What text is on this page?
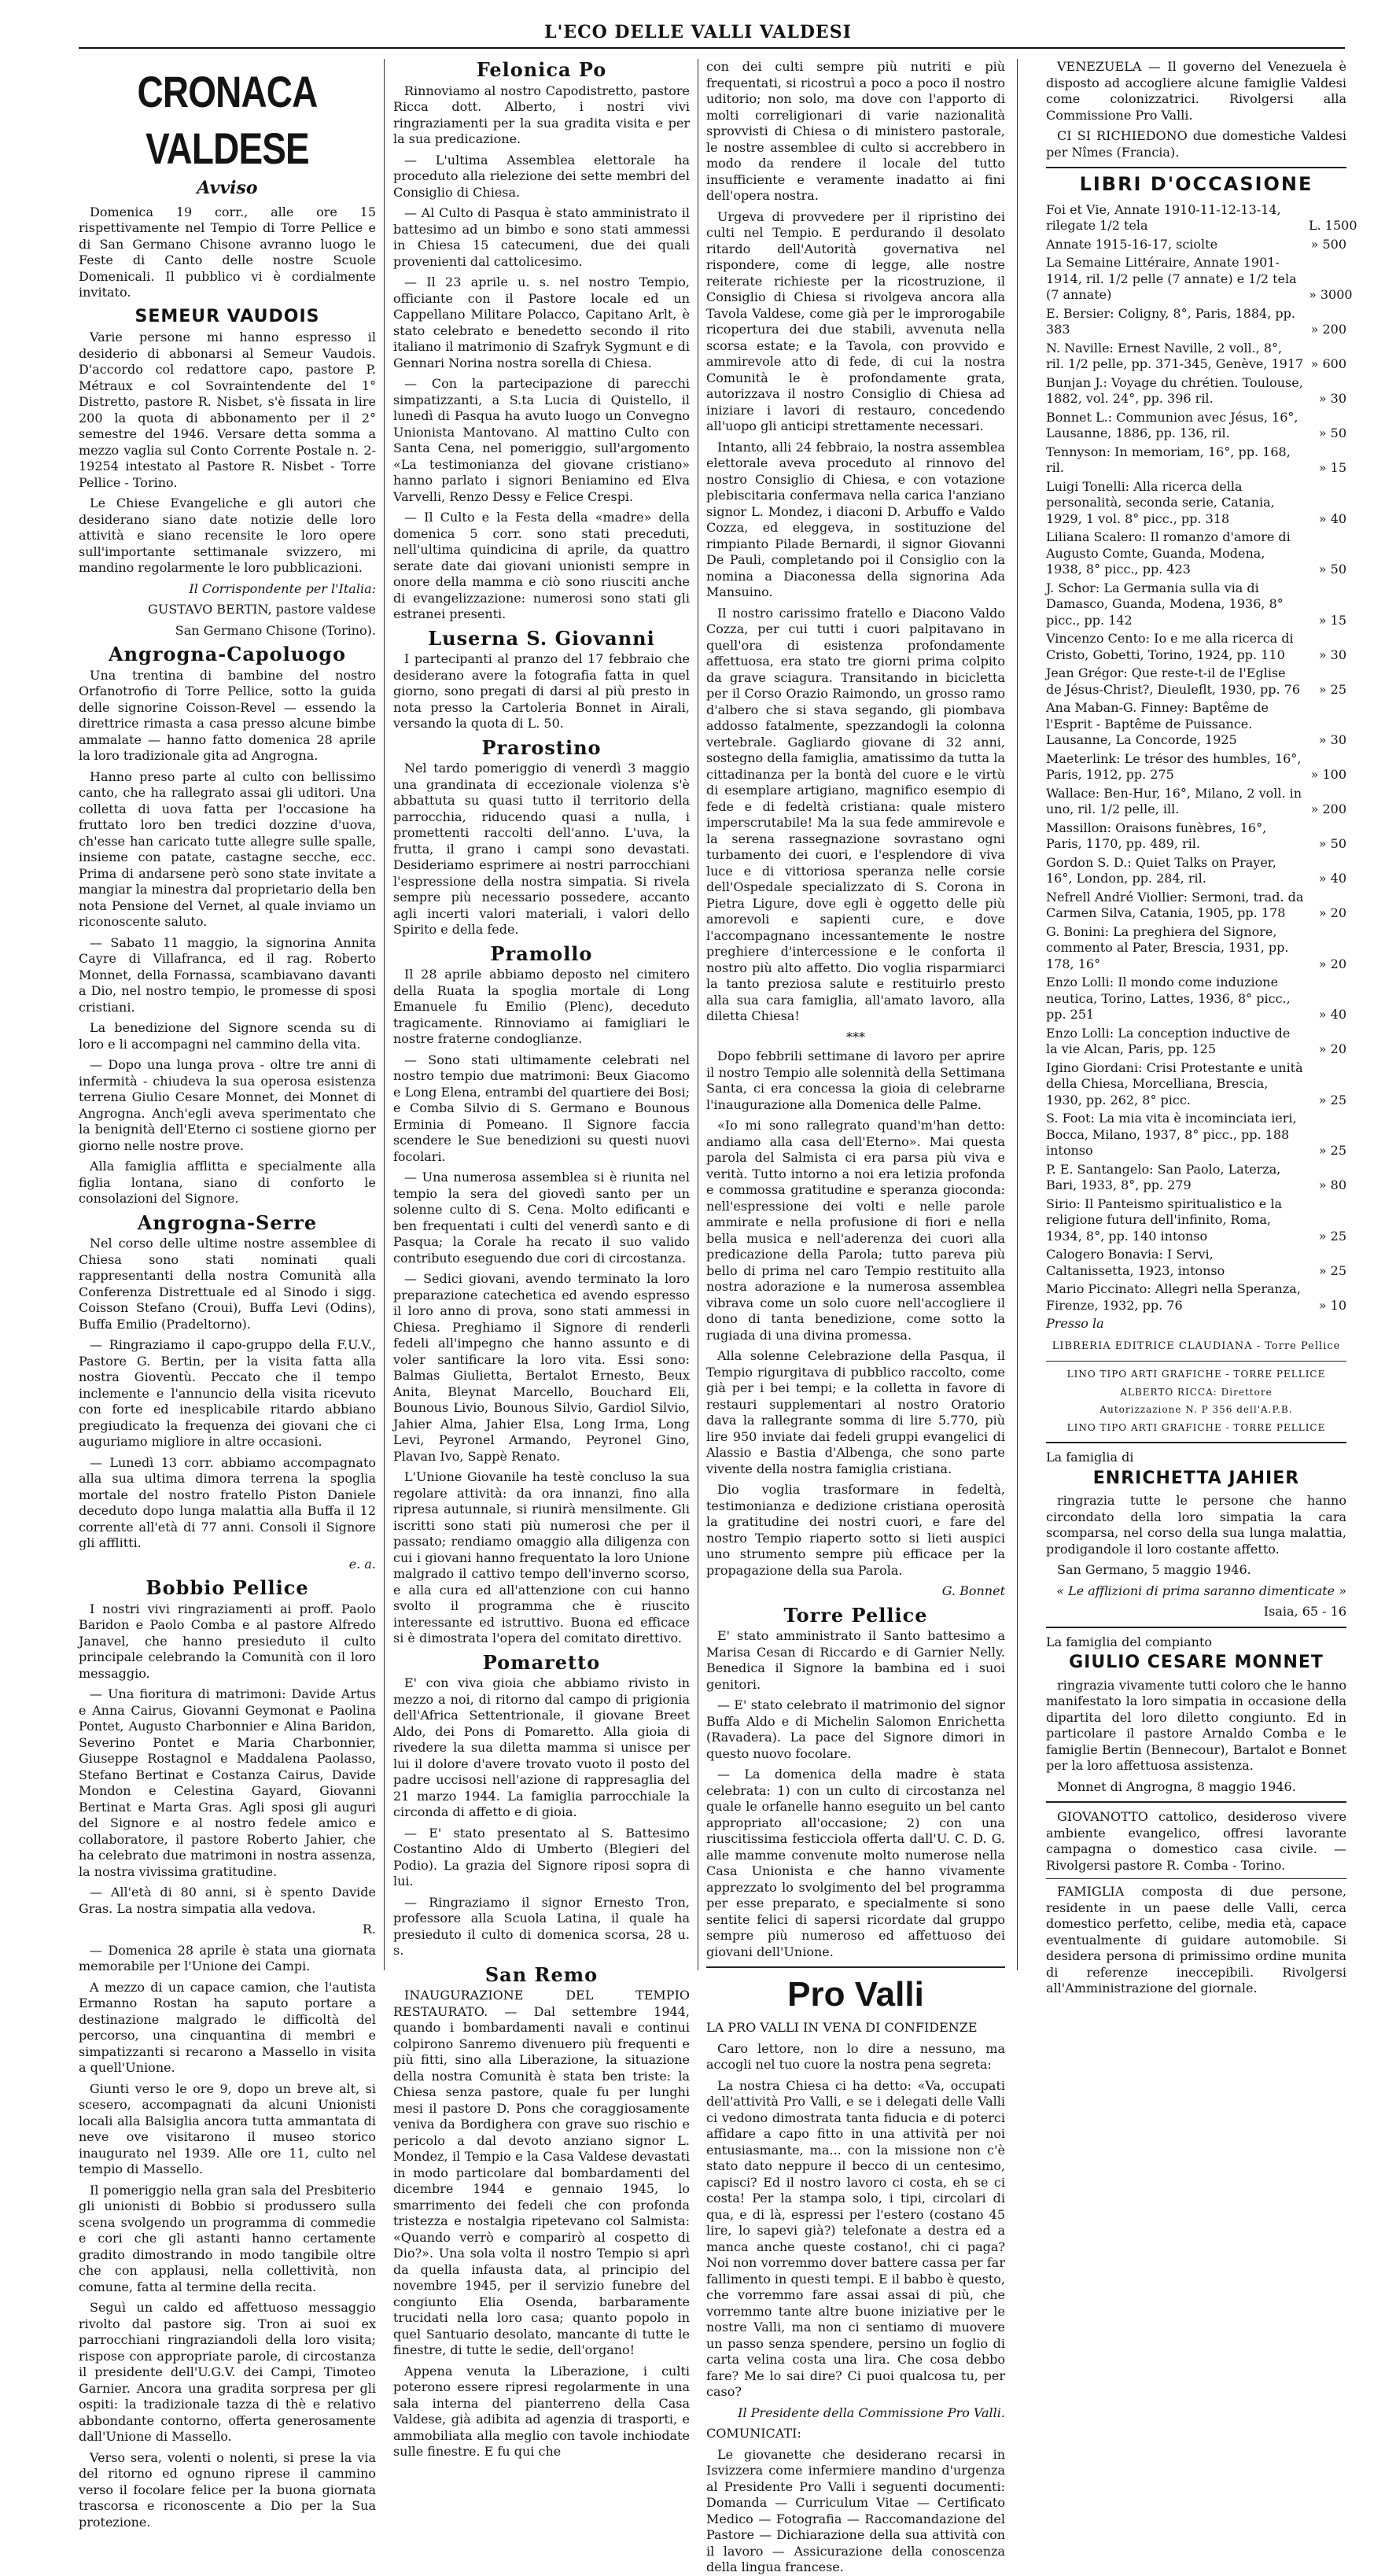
L'ECO DELLE VALLI VALDESI
CRONACA VALDESE
Avviso

Domenica 19 corr., alle ore 15 rispettivamente nel Tempio di Torre Pellice e di San Germano Chisone avranno luogo le Feste di Canto delle nostre Scuole Domenicali. Il pubblico vi è cordialmente invitato.

SEMEUR VAUDOIS

Varie persone mi hanno espresso il desiderio di abbonarsi al Semeur Vaudois. D'accordo col redattore capo, pastore P. Métraux e col Sovraintendente del 1° Distretto, pastore R. Nisbet, s'è fissata in lire 200 la quota di abbonamento per il 2° semestre del 1946. Versare detta somma a mezzo vaglia sul Conto Corrente Postale n. 2-19254 intestato al Pastore R. Nisbet - Torre Pellice - Torino.

Le Chiese Evangeliche e gli autori che desiderano siano date notizie delle loro attività e siano recensite le loro opere sull'importante settimanale svizzero, mi mandino regolarmente le loro pubblicazioni.

Il Corrispondente per l'Italia:

GUSTAVO BERTIN, pastore valdese

San Germano Chisone (Torino).

Angrogna-Capoluogo

Una trentina di bambine del nostro Orfanotrofio di Torre Pellice, sotto la guida delle signorine Coisson-Revel — essendo la direttrice rimasta a casa presso alcune bimbe ammalate — hanno fatto domenica 28 aprile la loro tradizionale gita ad Angrogna.

Hanno preso parte al culto con bellissimo canto, che ha rallegrato assai gli uditori. Una colletta di uova fatta per l'occasione ha fruttato loro ben tredici dozzine d'uova, ch'esse han caricato tutte allegre sulle spalle, insieme con patate, castagne secche, ecc. Prima di andarsene però sono state invitate a mangiar la minestra dal proprietario della ben nota Pensione del Vernet, al quale inviamo un riconoscente saluto.

— Sabato 11 maggio, la signorina Annita Cayre di Villafranca, ed il rag. Roberto Monnet, della Fornassa, scambiavano davanti a Dio, nel nostro tempio, le promesse di sposi cristiani.

La benedizione del Signore scenda su di loro e li accompagni nel cammino della vita.

— Dopo una lunga prova - oltre tre anni di infermità - chiudeva la sua operosa esistenza terrena Giulio Cesare Monnet, dei Monnet di Angrogna. Anch'egli aveva sperimentato che la benignità dell'Eterno ci sostiene giorno per giorno nelle nostre prove.

Alla famiglia afflitta e specialmente alla figlia lontana, siano di conforto le consolazioni del Signore.

Angrogna-Serre

Nel corso delle ultime nostre assemblee di Chiesa sono stati nominati quali rappresentanti della nostra Comunità alla Conferenza Distrettuale ed al Sinodo i sigg. Coisson Stefano (Croui), Buffa Levi (Odins), Buffa Emilio (Pradeltorno).

— Ringraziamo il capo-gruppo della F.U.V., Pastore G. Bertin, per la visita fatta alla nostra Gioventù. Peccato che il tempo inclemente e l'annuncio della visita ricevuto con forte ed inesplicabile ritardo abbiano pregiudicato la frequenza dei giovani che ci auguriamo migliore in altre occasioni.

— Lunedì 13 corr. abbiamo accompagnato alla sua ultima dimora terrena la spoglia mortale del nostro fratello Piston Daniele deceduto dopo lunga malattia alla Buffa il 12 corrente all'età di 77 anni. Consoli il Signore gli afflitti.

e. a.

Bobbio Pellice

I nostri vivi ringraziamenti ai proff. Paolo Baridon e Paolo Comba e al pastore Alfredo Janavel, che hanno presieduto il culto principale celebrando la Comunità con il loro messaggio.

— Una fioritura di matrimoni: Davide Artus e Anna Cairus, Giovanni Geymonat e Paolina Pontet, Augusto Charbonnier e Alina Baridon, Severino Pontet e Maria Charbonnier, Giuseppe Rostagnol e Maddalena Paolasso, Stefano Bertinat e Costanza Cairus, Davide Mondon e Celestina Gayard, Giovanni Bertinat e Marta Gras. Agli sposi gli auguri del Signore e al nostro fedele amico e collaboratore, il pastore Roberto Jahier, che ha celebrato due matrimoni in nostra assenza, la nostra vivissima gratitudine.

— All'età di 80 anni, si è spento Davide Gras. La nostra simpatia alla vedova.

R.

— Domenica 28 aprile è stata una giornata memorabile per l'Unione dei Campi.

A mezzo di un capace camion, che l'autista Ermanno Rostan ha saputo portare a destinazione malgrado le difficoltà del percorso, una cinquantina di membri e simpatizzanti si recarono a Massello in visita a quell'Unione.

Giunti verso le ore 9, dopo un breve alt, si scesero, accompagnati da alcuni Unionisti locali alla Balsiglia ancora tutta ammantata di neve ove visitarono il museo storico inaugurato nel 1939. Alle ore 11, culto nel tempio di Massello.

Il pomeriggio nella gran sala del Presbiterio gli unionisti di Bobbio si produssero sulla scena svolgendo un programma di commedie e cori che gli astanti hanno certamente gradito dimostrando in modo tangibile oltre che con applausi, nella collettività, non comune, fatta al termine della recita.

Seguì un caldo ed affettuoso messaggio rivolto dal pastore sig. Tron ai suoi ex parrocchiani ringraziandoli della loro visita; rispose con appropriate parole, di circostanza il presidente dell'U.G.V. dei Campi, Timoteo Garnier. Ancora una gradita sorpresa per gli ospiti: la tradizionale tazza di thè e relativo abbondante contorno, offerta generosamente dall'Unione di Massello.

Verso sera, volenti o nolenti, si prese la via del ritorno ed ognuno riprese il cammino verso il focolare felice per la buona giornata trascorsa e riconoscente a Dio per la Sua protezione.

Felonica Po

Rinnoviamo al nostro Capodistretto, pastore Ricca dott. Alberto, i nostri vivi ringraziamenti per la sua gradita visita e per la sua predicazione.

— L'ultima Assemblea elettorale ha proceduto alla rielezione dei sette membri del Consiglio di Chiesa.

— Al Culto di Pasqua è stato amministrato il battesimo ad un bimbo e sono stati ammessi in Chiesa 15 catecumeni, due dei quali provenienti dal cattolicesimo.

— Il 23 aprile u. s. nel nostro Tempio, officiante con il Pastore locale ed un Cappellano Militare Polacco, Capitano Arlt, è stato celebrato e benedetto secondo il rito italiano il matrimonio di Szafryk Sygmunt e di Gennari Norina nostra sorella di Chiesa.

— Con la partecipazione di parecchi simpatizzanti, a S.ta Lucia di Quistello, il lunedì di Pasqua ha avuto luogo un Convegno Unionista Mantovano. Al mattino Culto con Santa Cena, nel pomeriggio, sull'argomento «La testimonianza del giovane cristiano» hanno parlato i signori Beniamino ed Elva Varvelli, Renzo Dessy e Felice Crespi.

— Il Culto e la Festa della «madre» della domenica 5 corr. sono stati preceduti, nell'ultima quindicina di aprile, da quattro serate date dai giovani unionisti sempre in onore della mamma e ciò sono riusciti anche di evangelizzazione: numerosi sono stati gli estranei presenti.

Luserna S. Giovanni

I partecipanti al pranzo del 17 febbraio che desiderano avere la fotografia fatta in quel giorno, sono pregati di darsi al più presto in nota presso la Cartoleria Bonnet in Airali, versando la quota di L. 50.

Prarostino

Nel tardo pomeriggio di venerdì 3 maggio una grandinata di eccezionale violenza s'è abbattuta su quasi tutto il territorio della parrocchia, riducendo quasi a nulla, i promettenti raccolti dell'anno. L'uva, la frutta, il grano i campi sono devastati. Desideriamo esprimere ai nostri parrocchiani l'espressione della nostra simpatia. Si rivela sempre più necessario possedere, accanto agli incerti valori materiali, i valori dello Spirito e della fede.

Pramollo

Il 28 aprile abbiamo deposto nel cimitero della Ruata la spoglia mortale di Long Emanuele fu Emilio (Plenc), deceduto tragicamente. Rinnoviamo ai famigliari le nostre fraterne condoglianze.

— Sono stati ultimamente celebrati nel nostro tempio due matrimoni: Beux Giacomo e Long Elena, entrambi del quartiere dei Bosi; e Comba Silvio di S. Germano e Bounous Erminia di Pomeano. Il Signore faccia scendere le Sue benedizioni su questi nuovi focolari.

— Una numerosa assemblea si è riunita nel tempio la sera del giovedì santo per un solenne culto di S. Cena. Molto edificanti e ben frequentati i culti del venerdì santo e di Pasqua; la Corale ha recato il suo valido contributo eseguendo due cori di circostanza.

— Sedici giovani, avendo terminato la loro preparazione catechetica ed avendo espresso il loro anno di prova, sono stati ammessi in Chiesa. Preghiamo il Signore di renderli fedeli all'impegno che hanno assunto e di voler santificare la loro vita. Essi sono: Balmas Giulietta, Bertalot Ernesto, Beux Anita, Bleynat Marcello, Bouchard Eli, Bounous Livio, Bounous Silvio, Gardiol Silvio, Jahier Alma, Jahier Elsa, Long Irma, Long Levi, Peyronel Armando, Peyronel Gino, Plavan Ivo, Sappè Renato.

L'Unione Giovanile ha testè concluso la sua regolare attività: da ora innanzi, fino alla ripresa autunnale, si riunirà mensilmente. Gli iscritti sono stati più numerosi che per il passato; rendiamo omaggio alla diligenza con cui i giovani hanno frequentato la loro Unione malgrado il cattivo tempo dell'inverno scorso, e alla cura ed all'attenzione con cui hanno svolto il programma che è riuscito interessante ed istruttivo. Buona ed efficace si è dimostrata l'opera del comitato direttivo.

Pomaretto

E' con viva gioia che abbiamo rivisto in mezzo a noi, di ritorno dal campo di prigionia dell'Africa Settentrionale, il giovane Breet Aldo, dei Pons di Pomaretto. Alla gioia di rivedere la sua diletta mamma si unisce per lui il dolore d'avere trovato vuoto il posto del padre uccisosi nell'azione di rappresaglia del 21 marzo 1944. La famiglia parrocchiale la circonda di affetto e di gioia.

— E' stato presentato al S. Battesimo Costantino Aldo di Umberto (Blegieri del Podio). La grazia del Signore riposi sopra di lui.

— Ringraziamo il signor Ernesto Tron, professore alla Scuola Latina, il quale ha presieduto il culto di domenica scorsa, 28 u. s.

San Remo

INAUGURAZIONE DEL TEMPIO RESTAURATO. — Dal settembre 1944, quando i bombardamenti navali e continui colpirono Sanremo divenuero più frequenti e più fitti, sino alla Liberazione, la situazione della nostra Comunità è stata ben triste: la Chiesa senza pastore, quale fu per lunghi mesi il pastore D. Pons che coraggiosamente veniva da Bordighera con grave suo rischio e pericolo a dal devoto anziano signor L. Mondez, il Tempio e la Casa Valdese devastati in modo particolare dal bombardamenti del dicembre 1944 e gennaio 1945, lo smarrimento dei fedeli che con profonda tristezza e nostalgia ripetevano col Salmista: «Quando verrò e comparirò al cospetto di Dio?». Una sola volta il nostro Tempio si aprì da quella infausta data, al principio del novembre 1945, per il servizio funebre del congiunto Elia Osenda, barbaramente trucidati nella loro casa; quanto popolo in quel Santuario desolato, mancante di tutte le finestre, di tutte le sedie, dell'organo!

Appena venuta la Liberazione, i culti poterono essere ripresi regolarmente in una sala interna del pianterreno della Casa Valdese, già adibita ad agenzia di trasporti, e ammobiliata alla meglio con tavole inchiodate sulle finestre. E fu qui che

con dei culti sempre più nutriti e più frequentati, si ricostruì a poco a poco il nostro uditorio; non solo, ma dove con l'apporto di molti correligionari di varie nazionalità sprovvisti di Chiesa o di ministero pastorale, le nostre assemblee di culto si accrebbero in modo da rendere il locale del tutto insufficiente e veramente inadatto ai fini dell'opera nostra.

Urgeva di provvedere per il ripristino dei culti nel Tempio. E perdurando il desolato ritardo dell'Autorità governativa nel rispondere, come di legge, alle nostre reiterate richieste per la ricostruzione, il Consiglio di Chiesa si rivolgeva ancora alla Tavola Valdese, come già per le improrogabile ricopertura dei due stabili, avvenuta nella scorsa estate; e la Tavola, con provvido e ammirevole atto di fede, di cui la nostra Comunità le è profondamente grata, autorizzava il nostro Consiglio di Chiesa ad iniziare i lavori di restauro, concedendo all'uopo gli anticipi strettamente necessari.

Intanto, alli 24 febbraio, la nostra assemblea elettorale aveva proceduto al rinnovo del nostro Consiglio di Chiesa, e con votazione plebiscitaria confermava nella carica l'anziano signor L. Mondez, i diaconi D. Arbuffo e Valdo Cozza, ed eleggeva, in sostituzione del rimpianto Pilade Bernardi, il signor Giovanni De Pauli, completando poi il Consiglio con la nomina a Diaconessa della signorina Ada Mansuino.

Il nostro carissimo fratello e Diacono Valdo Cozza, per cui tutti i cuori palpitavano in quell'ora di esistenza profondamente affettuosa, era stato tre giorni prima colpito da grave sciagura. Transitando in bicicletta per il Corso Orazio Raimondo, un grosso ramo d'albero che si stava segando, gli piombava addosso fatalmente, spezzandogli la colonna vertebrale. Gagliardo giovane di 32 anni, sostegno della famiglia, amatissimo da tutta la cittadinanza per la bontà del cuore e le virtù di esemplare artigiano, magnifico esempio di fede e di fedeltà cristiana: quale mistero imperscrutabile! Ma la sua fede ammirevole e la serena rassegnazione sovrastano ogni turbamento dei cuori, e l'esplendore di viva luce e di vittoriosa speranza nelle corsie dell'Ospedale specializzato di S. Corona in Pietra Ligure, dove egli è oggetto delle più amorevoli e sapienti cure, e dove l'accompagnano incessantemente le nostre preghiere d'intercessione e le conforta il nostro più alto affetto. Dio voglia risparmiarci la tanto preziosa salute e restituirlo presto alla sua cara famiglia, all'amato lavoro, alla diletta Chiesa!

***

Dopo febbrili settimane di lavoro per aprire il nostro Tempio alle solennità della Settimana Santa, ci era concessa la gioia di celebrarne l'inaugurazione alla Domenica delle Palme.

«Io mi sono rallegrato quand'm'han detto: andiamo alla casa dell'Eterno». Mai questa parola del Salmista ci era parsa più viva e verità. Tutto intorno a noi era letizia profonda e commossa gratitudine e speranza gioconda: nell'espressione dei volti e nelle parole ammirate e nella profusione di fiori e nella bella musica e nell'aderenza dei cuori alla predicazione della Parola; tutto pareva più bello di prima nel caro Tempio restituito alla nostra adorazione e la numerosa assemblea vibrava come un solo cuore nell'accogliere il dono di tanta benedizione, come sotto la rugiada di una divina promessa.

Alla solenne Celebrazione della Pasqua, il Tempio rigurgitava di pubblico raccolto, come già per i bei tempi; e la colletta in favore di restauri supplementari al nostro Oratorio dava la rallegrante somma di lire 5.770, più lire 950 inviate dai fedeli gruppi evangelici di Alassio e Bastia d'Albenga, che sono parte vivente della nostra famiglia cristiana.

Dio voglia trasformare in fedeltà, testimonianza e dedizione cristiana operosità la gratitudine dei nostri cuori, e fare del nostro Tempio riaperto sotto si lieti auspici uno strumento sempre più efficace per la propagazione della sua Parola.

G. Bonnet

Torre Pellice

E' stato amministrato il Santo battesimo a Marisa Cesan di Riccardo e di Garnier Nelly. Benedica il Signore la bambina ed i suoi genitori.

— E' stato celebrato il matrimonio del signor Buffa Aldo e di Michelin Salomon Enrichetta (Ravadera). La pace del Signore dimori in questo nuovo focolare.

— La domenica della madre è stata celebrata: 1) con un culto di circostanza nel quale le orfanelle hanno eseguito un bel canto appropriato all'occasione; 2) con una riuscitissima festicciola offerta dall'U. C. D. G. alle mamme convenute molto numerose nella Casa Unionista e che hanno vivamente apprezzato lo svolgimento del bel programma per esse preparato, e specialmente si sono sentite felici di sapersi ricordate dal gruppo sempre più numeroso ed affettuoso dei giovani dell'Unione.

Pro Valli

LA PRO VALLI IN VENA DI CONFIDENZE

Caro lettore, non lo dire a nessuno, ma accogli nel tuo cuore la nostra pena segreta:

La nostra Chiesa ci ha detto: «Va, occupati dell'attività Pro Valli, e se i delegati delle Valli ci vedono dimostrata tanta fiducia e di poterci affidare a capo fitto in una attività per noi entusiasmante, ma... con la missione non c'è stato dato neppure il becco di un centesimo, capisci? Ed il nostro lavoro ci costa, eh se ci costa! Per la stampa solo, i tipi, circolari di qua, e di là, espressi per l'estero (costano 45 lire, lo sapevi già?) telefonate a destra ed a manca anche queste costano!, chi ci paga? Noi non vorremmo dover battere cassa per far fallimento in questi tempi. E il babbo è questo, che vorremmo fare assai assai di più, che vorremmo tante altre buone iniziative per le nostre Valli, ma non ci sentiamo di muovere un passo senza spendere, persino un foglio di carta velina costa una lira. Che cosa debbo fare? Me lo sai dire? Ci puoi qualcosa tu, per caso?

Il Presidente della Commissione Pro Valli.

COMUNICATI:

Le giovanette che desiderano recarsi in Isvizzera come infermiere mandino d'urgenza al Presidente Pro Valli i seguenti documenti: Domanda — Curriculum Vitae — Certificato Medico — Fotografia — Raccomandazione del Pastore — Dichiarazione della sua attività con il lavoro — Assicurazione della conoscenza della lingua francese.

VENEZUELA — Il governo del Venezuela è disposto ad accogliere alcune famiglie Valdesi come colonizzatrici. Rivolgersi alla Commissione Pro Valli.

CI SI RICHIEDONO due domestiche Valdesi per Nîmes (Francia).

LIBRI D'OCCASIONE
Foi et Vie, Annate 1910-11-12-13-14, rilegate 1/2 tela	L. 1500
Annate 1915-16-17, sciolte	» 500
La Semaine Littéraire, Annate 1901-1914, ril. 1/2 pelle (7 annate) e 1/2 tela (7 annate)	» 3000
E. Bersier: Coligny, 8°, Paris, 1884, pp. 383	» 200
N. Naville: Ernest Naville, 2 voll., 8°, ril. 1/2 pelle, pp. 371-345, Genève, 1917 » 600
Bunjan J.: Voyage du chrétien. Toulouse, 1882, vol. 24°, pp. 396 ril.	» 30
Bonnet L.: Communion avec Jésus, 16°, Lausanne, 1886, pp. 136, ril.	» 50
Tennyson: In memoriam, 16°, pp. 168, ril.	» 15
Luigi Tonelli: Alla ricerca della personalità, seconda serie, Catania, 1929, 1 vol. 8° picc., pp. 318	» 40
Liliana Scalero: Il romanzo d'amore di Augusto Comte, Guanda, Modena, 1938, 8° picc., pp. 423	» 50
J. Schor: La Germania sulla via di Damasco, Guanda, Modena, 1936, 8° picc., pp. 142	» 15
Vincenzo Cento: Io e me alla ricerca di Cristo, Gobetti, Torino, 1924, pp. 110	» 30
Jean Grégor: Que reste-t-il de l'Eglise de Jésus-Christ?, Dieuleflt, 1930, pp. 76	» 25
Ana Maban-G. Finney: Baptême de l'Esprit - Baptême de Puissance. Lausanne, La Concorde, 1925	» 30
Maeterlink: Le trésor des humbles, 16°, Paris, 1912, pp. 275	» 100
Wallace: Ben-Hur, 16°, Milano, 2 voll. in uno, ril. 1/2 pelle, ill.	» 200
Massillon: Oraisons funèbres, 16°, Paris, 1170, pp. 489, ril.	» 50
Gordon S. D.: Quiet Talks on Prayer, 16°, London, pp. 284, ril.	» 40
Nefrell André Viollier: Sermoni, trad. da Carmen Silva, Catania, 1905, pp. 178	» 20
G. Bonini: La preghiera del Signore, commento al Pater, Brescia, 1931, pp. 178, 16°	» 20
Enzo Lolli: Il mondo come induzione neutica, Torino, Lattes, 1936, 8° picc., pp. 251	» 40
Enzo Lolli: La conception inductive de la vie Alcan, Paris, pp. 125	» 20
Igino Giordani: Crisi Protestante e unità della Chiesa, Morcelliana, Brescia, 1930, pp. 262, 8° picc.	» 25
S. Foot: La mia vita è incominciata ieri, Bocca, Milano, 1937, 8° picc., pp. 188 intonso	» 25
P. E. Santangelo: San Paolo, Laterza, Bari, 1933, 8°, pp. 279	» 80
Sirio: Il Panteismo spiritualistico e la religione futura dell'infinito, Roma, 1934, 8°, pp. 140 intonso	» 25
Calogero Bonavia: I Servi, Caltanissetta, 1923, intonso	» 25
Mario Piccinato: Allegri nella Speranza, Firenze, 1932, pp. 76	» 10

Presso la

LIBRERIA EDITRICE CLAUDIANA - Torre Pellice
LINO TIPO ARTI GRAFICHE - TORRE PELLICE
ALBERTO RICCA: Direttore
Autorizzazione N. P 356 dell'A.P.B.
LINO TIPO ARTI GRAFICHE - TORRE PELLICE

La famiglia di

ENRICHETTA JAHIER

ringrazia tutte le persone che hanno circondato della loro simpatia la cara scomparsa, nel corso della sua lunga malattia, prodigandole il loro costante affetto.

San Germano, 5 maggio 1946.

« Le afflizioni di prima saranno dimenticate »

Isaia, 65 - 16

La famiglia del compianto

GIULIO CESARE MONNET

ringrazia vivamente tutti coloro che le hanno manifestato la loro simpatia in occasione della dipartita del loro diletto congiunto. Ed in particolare il pastore Arnaldo Comba e le famiglie Bertin (Bennecour), Bartalot e Bonnet per la loro affettuosa assistenza.

Monnet di Angrogna, 8 maggio 1946.

GIOVANOTTO cattolico, desideroso vivere ambiente evangelico, offresi lavorante campagna o domestico casa civile. — Rivolgersi pastore R. Comba - Torino.

FAMIGLIA composta di due persone, residente in un paese delle Valli, cerca domestico perfetto, celibe, media età, capace eventualmente di guidare automobile. Si desidera persona di primissimo ordine munita di referenze ineccepibili. Rivolgersi all'Amministrazione del giornale.
